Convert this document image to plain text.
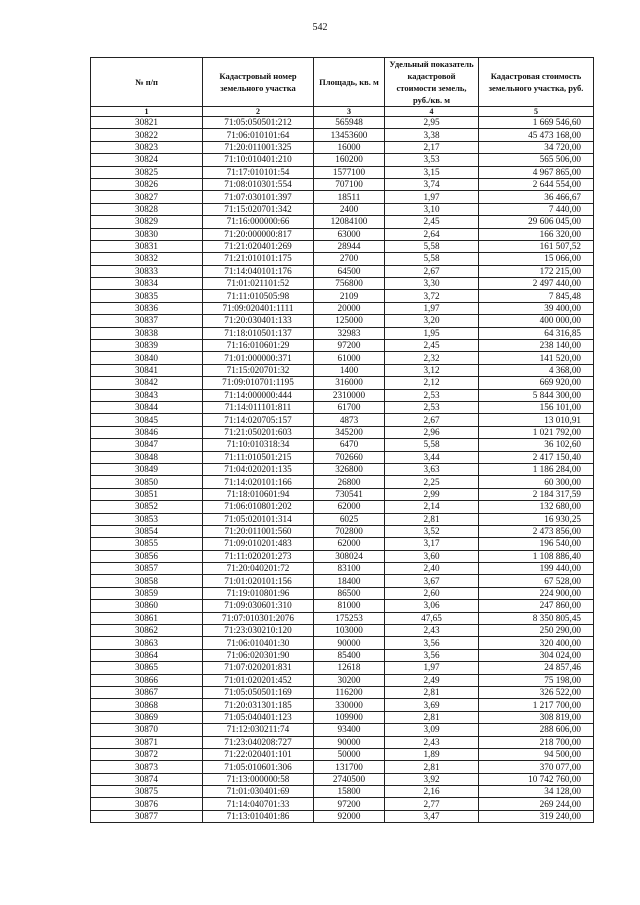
542
№ п/п	Кадастровый номер земельного участка	Площадь, кв. м	Удельный показатель кадастровой стоимости земель, руб./кв. м	Кадастровая стоимость земельного участка, руб.
1	2	3	4	5
30821	71:05:050501:212	565948	2,95	1 669 546,60
30822	71:06:010101:64	13453600	3,38	45 473 168,00
30823	71:20:011001:325	16000	2,17	34 720,00
30824	71:10:010401:210	160200	3,53	565 506,00
30825	71:17:010101:54	1577100	3,15	4 967 865,00
30826	71:08:010301:554	707100	3,74	2 644 554,00
30827	71:07:030101:397	18511	1,97	36 466,67
30828	71:15:020701:342	2400	3,10	7 440,00
30829	71:16:000000:66	12084100	2,45	29 606 045,00
30830	71:20:000000:817	63000	2,64	166 320,00
30831	71:21:020401:269	28944	5,58	161 507,52
30832	71:21:010101:175	2700	5,58	15 066,00
30833	71:14:040101:176	64500	2,67	172 215,00
30834	71:01:021101:52	756800	3,30	2 497 440,00
30835	71:11:010505:98	2109	3,72	7 845,48
30836	71:09:020401:1111	20000	1,97	39 400,00
30837	71:20:030401:133	125000	3,20	400 000,00
30838	71:18:010501:137	32983	1,95	64 316,85
30839	71:16:010601:29	97200	2,45	238 140,00
30840	71:01:000000:371	61000	2,32	141 520,00
30841	71:15:020701:32	1400	3,12	4 368,00
30842	71:09:010701:1195	316000	2,12	669 920,00
30843	71:14:000000:444	2310000	2,53	5 844 300,00
30844	71:14:011101:811	61700	2,53	156 101,00
30845	71:14:020705:157	4873	2,67	13 010,91
30846	71:21:050201:603	345200	2,96	1 021 792,00
30847	71:10:010318:34	6470	5,58	36 102,60
30848	71:11:010501:215	702660	3,44	2 417 150,40
30849	71:04:020201:135	326800	3,63	1 186 284,00
30850	71:14:020101:166	26800	2,25	60 300,00
30851	71:18:010601:94	730541	2,99	2 184 317,59
30852	71:06:010801:202	62000	2,14	132 680,00
30853	71:05:020101:314	6025	2,81	16 930,25
30854	71:20:011001:560	702800	3,52	2 473 856,00
30855	71:09:010201:483	62000	3,17	196 540,00
30856	71:11:020201:273	308024	3,60	1 108 886,40
30857	71:20:040201:72	83100	2,40	199 440,00
30858	71:01:020101:156	18400	3,67	67 528,00
30859	71:19:010801:96	86500	2,60	224 900,00
30860	71:09:030601:310	81000	3,06	247 860,00
30861	71:07:010301:2076	175253	47,65	8 350 805,45
30862	71:23:030210:120	103000	2,43	250 290,00
30863	71:06:010401:30	90000	3,56	320 400,00
30864	71:06:020301:90	85400	3,56	304 024,00
30865	71:07:020201:831	12618	1,97	24 857,46
30866	71:01:020201:452	30200	2,49	75 198,00
30867	71:05:050501:169	116200	2,81	326 522,00
30868	71:20:031301:185	330000	3,69	1 217 700,00
30869	71:05:040401:123	109900	2,81	308 819,00
30870	71:12:030211:74	93400	3,09	288 606,00
30871	71:23:040208:727	90000	2,43	218 700,00
30872	71:22:020401:101	50000	1,89	94 500,00
30873	71:05:010601:306	131700	2,81	370 077,00
30874	71:13:000000:58	2740500	3,92	10 742 760,00
30875	71:01:030401:69	15800	2,16	34 128,00
30876	71:14:040701:33	97200	2,77	269 244,00
30877	71:13:010401:86	92000	3,47	319 240,00
